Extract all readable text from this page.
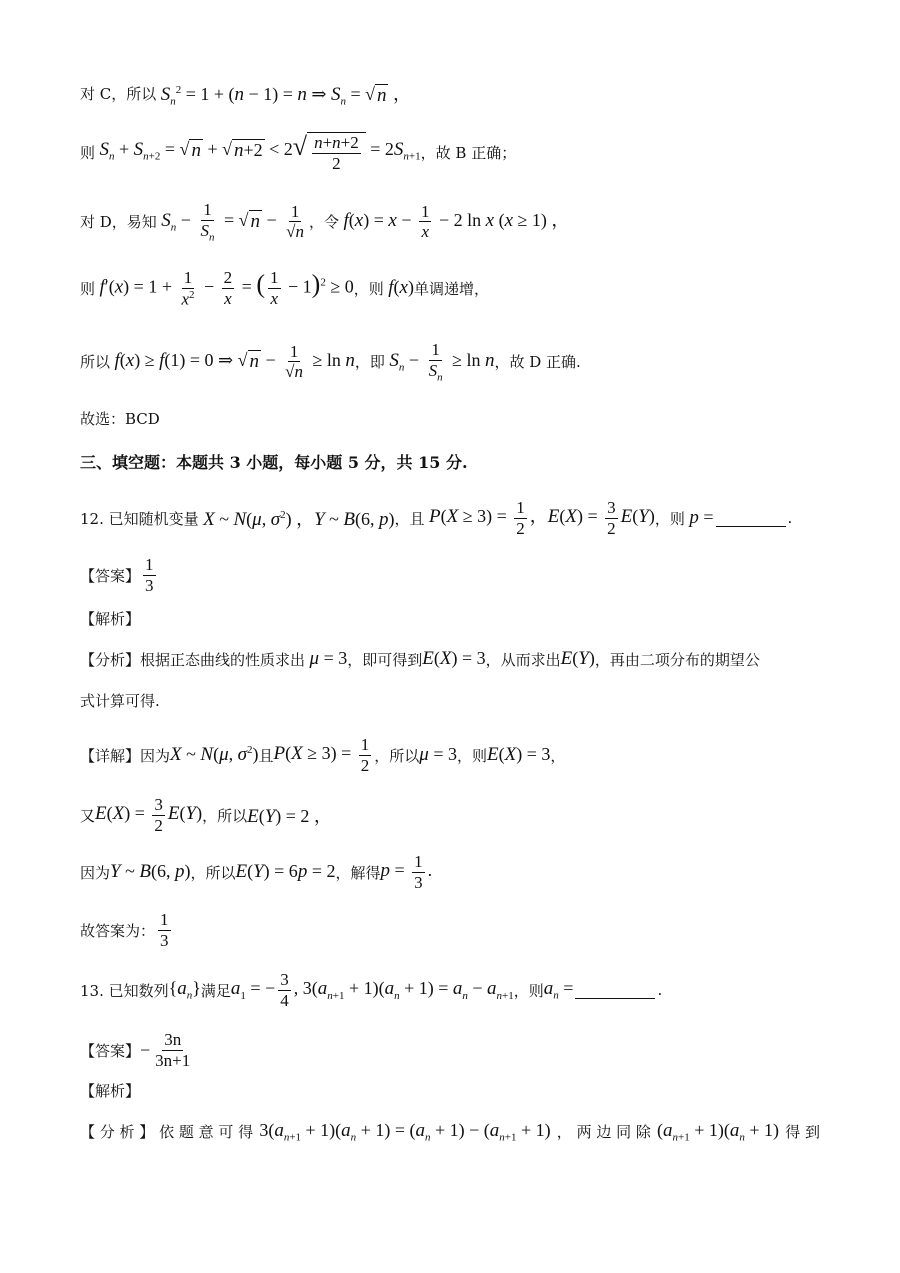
对 C，所以 $S_n^2 = 1 + (n - 1) = n$ ⇒ $S_n$ = √ n ，
则 $S_n + S_{n+2}$ = √ n + √ n+2 < 2 √ $\frac{n+n+2}{2} = 2S_{n+1}$ ，故 B 正确；
对 D，易知 $S_n - \frac{1}{S_n}$ = √ $n - \frac{1}{√n}$ ，令 $f(x) = x - \frac{1}{x} - 2$ ln x (x ≥ 1) ，
则 $f'(x) = 1 + \frac{1}{x^2} - \frac{2}{x}$ = ( $\frac{1}{x} - 1)^2 \ge 0$ ，则 f(x) 单调递增，
所以 f(x) ≥ f(1) = 0 ⇒ √ $n - \frac{1}{√n} \ge \ln n$ ，即 $S_n - \frac{1}{S_n} \ge \ln n$ ，故 D 正确.
故选：BCD
三、填空题：本题共 3 小题，每小题 5 分，共 15 分.
12. 已知随机变量 X ~ N(μ, $\sigma^2$) ，Y ~ B(6, p) ，且 $P(X \ge 3) = \frac{1}{2}$ ，$E(X) = \frac{3}{2} E(Y)$ ，则 p =	.
【答案】 $\frac{1}{3}$
【解析】
【分析】根据正态曲线的性质求出 μ = 3 ，即可得到 E(X) = 3 ，从而求出 E(Y) ，再由二项分布的期望公
式计算可得.
【详解】因为 X ~ N(μ, $\sigma^2$) 且 $P(X \ge 3) = \frac{1}{2}$ ，所以 μ = 3 ，则 E(X) = 3 ，
又 $E(X) = \frac{3}{2} E(Y)$ ，所以 E(Y) = 2 ，
因为 Y ~ B(6, p) ，所以 E(Y) = 6p = 2 ，解得 $p = \frac{1}{3}$ .
故答案为： $\frac{1}{3}$
13. 已知数列 $\{a_n\}$ 满足 $a_1$ = − $\frac{3}{4}$ , $3(a_{n+1} + 1)(a_n + 1) = a_n - a_{n+1}$ ，则 $a_n$ =	.
【答案】 − $\frac{3n}{3n+1}$
【解析】
【 分 析 】 依 题 意 可 得 $3(a_{n+1} + 1)(a_n + 1) = (a_n + 1) - (a_{n+1} + 1)$ ， 两 边 同 除 $(a_{n+1} + 1)(a_n + 1)$ 得 到
